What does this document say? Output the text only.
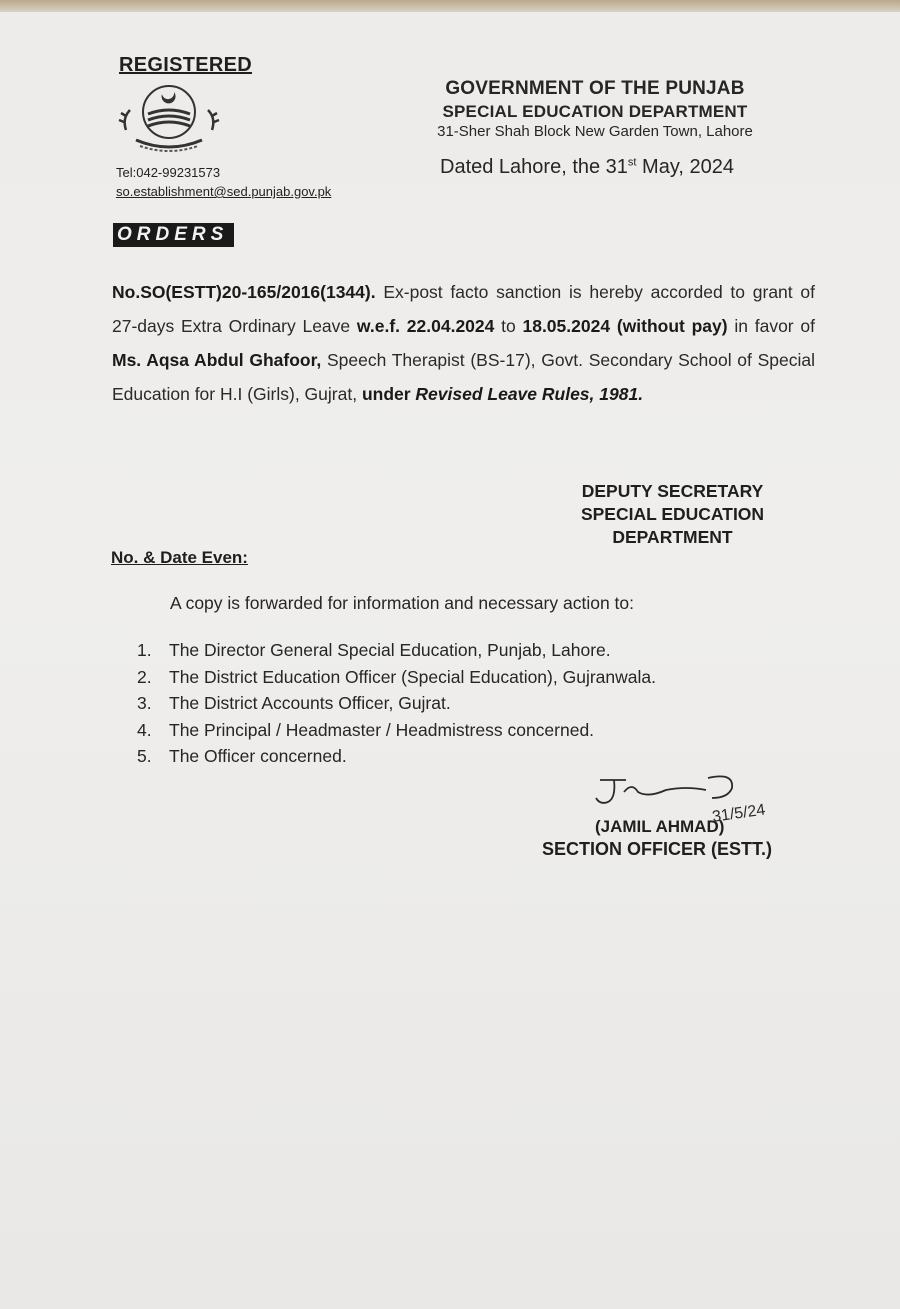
REGISTERED
Tel:042-99231573
so.establishment@sed.punjab.gov.pk
GOVERNMENT OF THE PUNJAB
SPECIAL EDUCATION DEPARTMENT
31-Sher Shah Block New Garden Town, Lahore
Dated Lahore, the 31st May, 2024
ORDERS
No.SO(ESTT)20-165/2016(1344). Ex-post facto sanction is hereby accorded to grant of 27-days Extra Ordinary Leave w.e.f. 22.04.2024 to 18.05.2024 (without pay) in favor of Ms. Aqsa Abdul Ghafoor, Speech Therapist (BS-17), Govt. Secondary School of Special Education for H.I (Girls), Gujrat, under Revised Leave Rules, 1981.
DEPUTY SECRETARY
SPECIAL EDUCATION
DEPARTMENT
No. & Date Even:
A copy is forwarded for information and necessary action to:
1. The Director General Special Education, Punjab, Lahore.
2. The District Education Officer (Special Education), Gujranwala.
3. The District Accounts Officer, Gujrat.
4. The Principal / Headmaster / Headmistress concerned.
5. The Officer concerned.
31/5/24
(JAMIL AHMAD)
SECTION OFFICER (ESTT.)
